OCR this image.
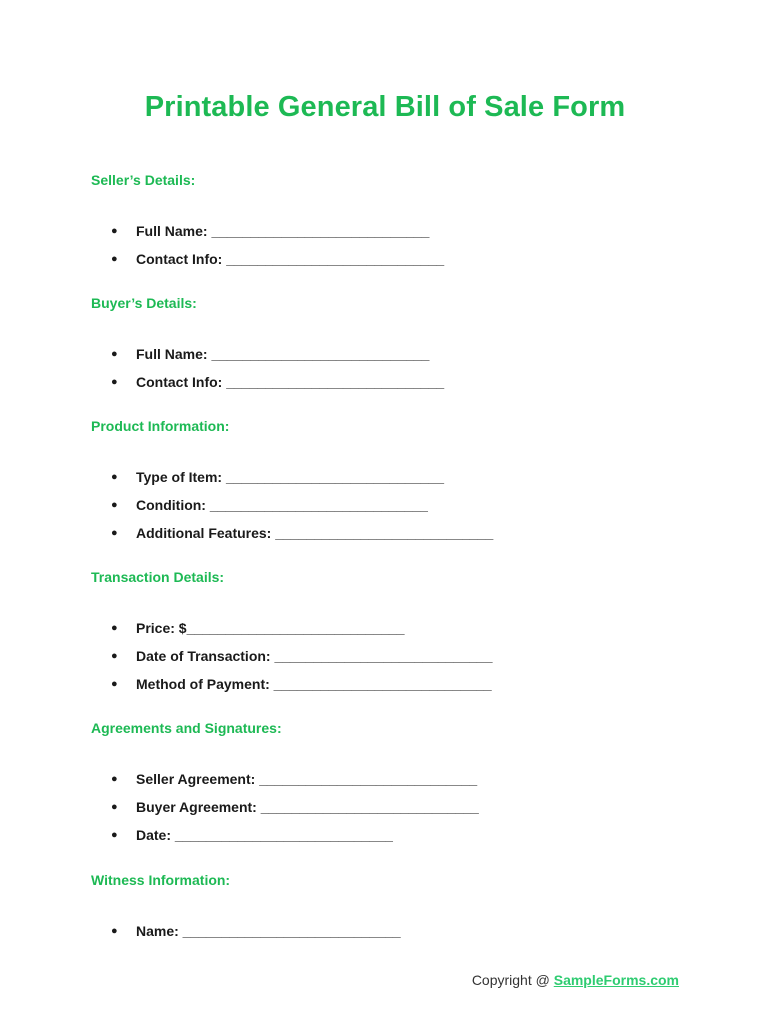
Printable General Bill of Sale Form
Seller’s Details:
● Full Name: ____________________________
● Contact Info: ____________________________
Buyer’s Details:
● Full Name: ____________________________
● Contact Info: ____________________________
Product Information:
● Type of Item: ____________________________
● Condition: ____________________________
● Additional Features: ____________________________
Transaction Details:
● Price: $____________________________
● Date of Transaction: ____________________________
● Method of Payment: ____________________________
Agreements and Signatures:
● Seller Agreement: ____________________________
● Buyer Agreement: ____________________________
● Date: ____________________________
Witness Information:
● Name: ____________________________
Copyright @ SampleForms.com
